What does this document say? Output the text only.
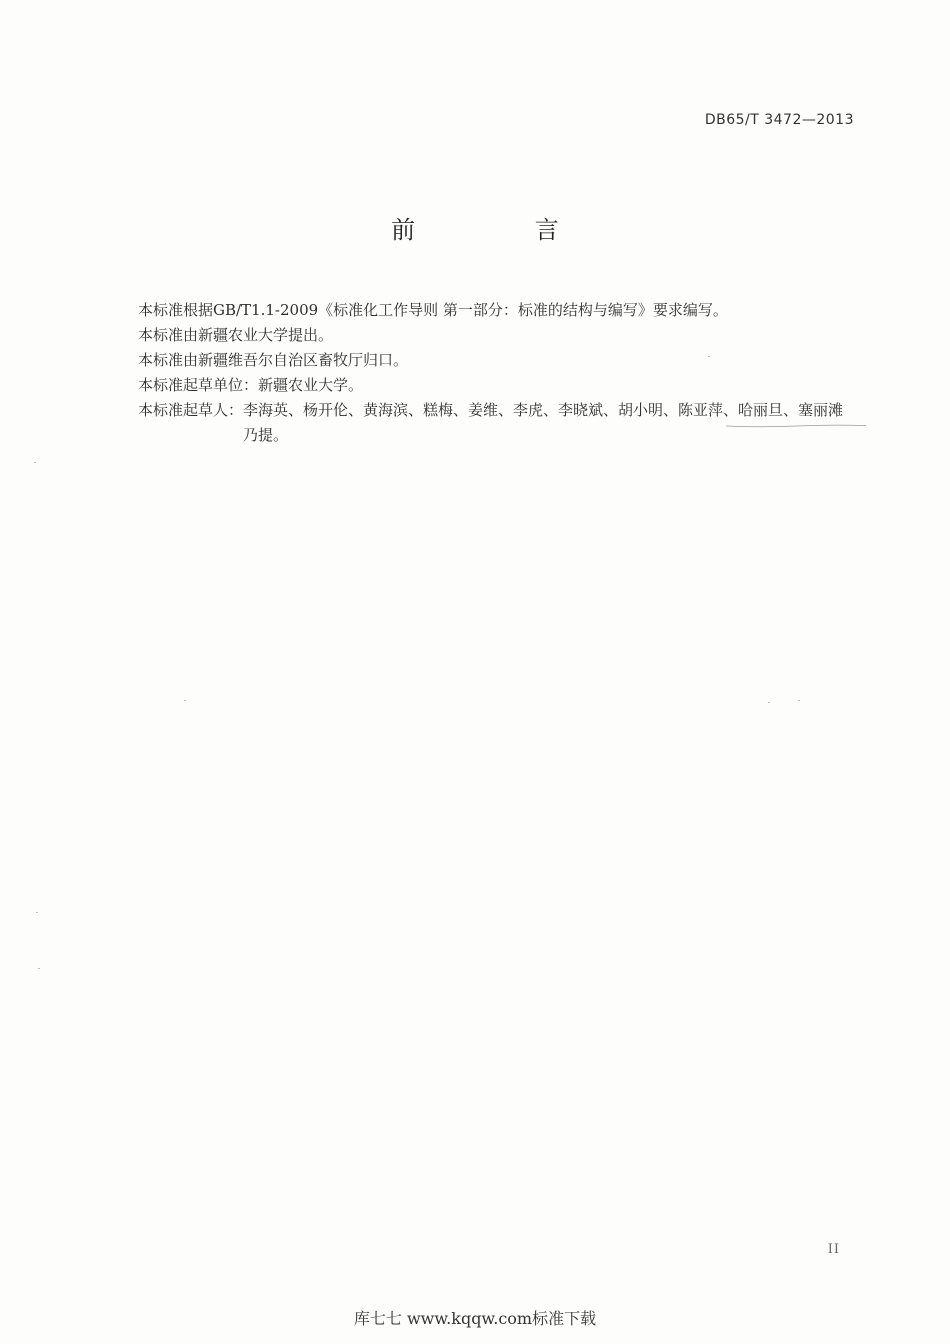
DB65/T 3472—2013
前 言
本标准根据GB/T1.1-2009《标准化工作导则 第一部分：标准的结构与编写》要求编写。
本标准由新疆农业大学提出。
本标准由新疆维吾尔自治区畜牧厅归口。
本标准起草单位：新疆农业大学。
本标准起草人： 李海英、杨开伦、黄海滨、糕梅、姜维、李虎、李晓斌、胡小明、陈亚萍、哈丽旦、塞丽滩乃提。
II
库七七 www.kqqw.com标准下载
